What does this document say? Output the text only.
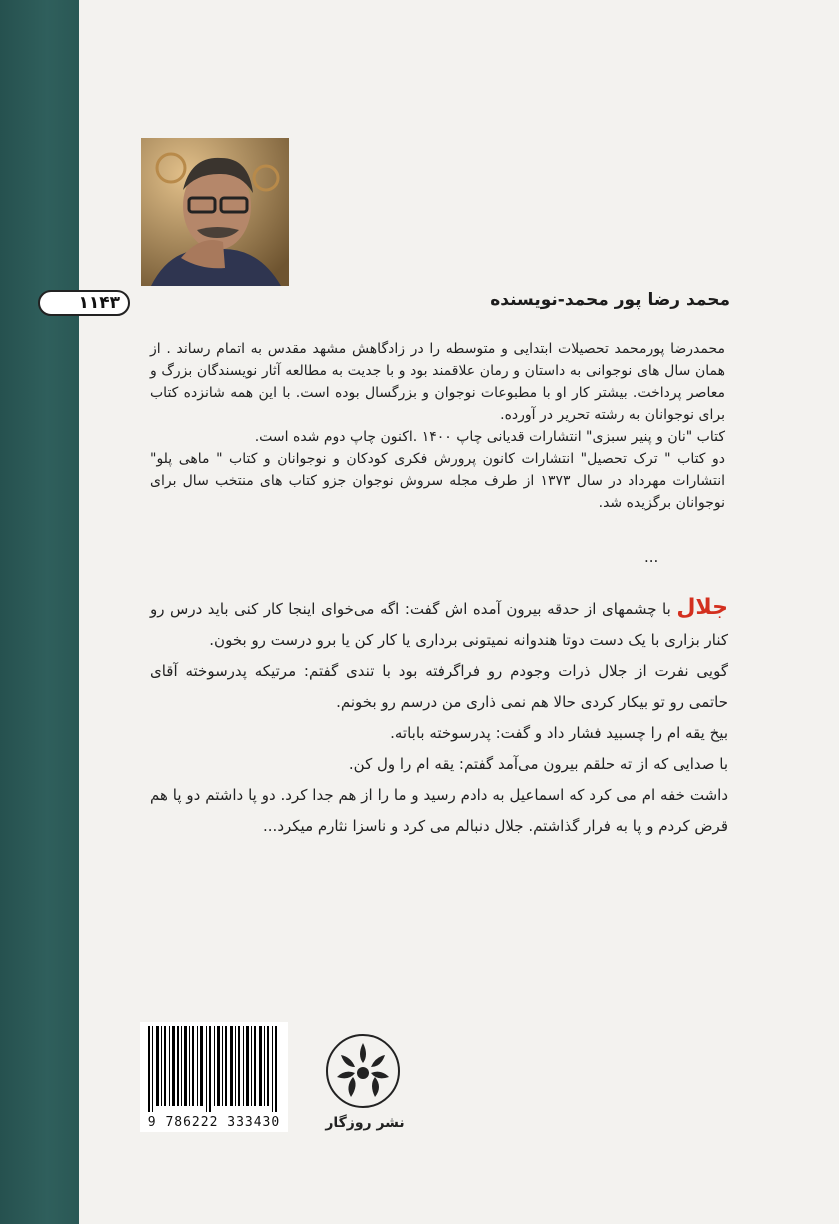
۱۱۴۳	محمد رضا پور محمد-نویسنده

محمدرضا پورمحمد تحصیلات ابتدایی و متوسطه را در زادگاهش مشهد مقدس به اتمام رساند . از همان سال های نوجوانی به داستان و رمان علاقمند بود و با جدیت به مطالعه آثار نویسندگان بزرگ و معاصر پرداخت. بیشتر کار او با مطبوعات نوجوان و بزرگسال بوده است. با این همه شانزده کتاب برای نوجوانان به رشته تحریر در آورده.

کتاب "نان و پنیر سبزی" انتشارات قدیانی چاپ ۱۴۰۰ .اکنون چاپ دوم شده است.

دو کتاب " ترک تحصیل" انتشارات کانون پرورش فکری کودکان و نوجوانان و کتاب " ماهی پلو" انتشارات مهرداد در سال ۱۳۷۳ از طرف مجله سروش نوجوان جزو کتاب های منتخب سال برای نوجوانان برگزیده شد.

...

جلال با چشمهای از حدقه بیرون آمده اش گفت: اگه می‌خوای اینجا کار کنی باید درس رو کنار بزاری با یک دست دوتا هندوانه نمیتونی برداری یا کار کن یا برو درست رو بخون.

گویی نفرت از جلال ذرات وجودم رو فراگرفته بود با تندی گفتم: مرتیکه پدرسوخته آقای حاتمی رو تو بیکار کردی حالا هم نمی ذاری من درسم رو بخونم.

بیخ یقه ام را چسبید فشار داد و گفت: پدرسوخته باباته.

با صدایی که از ته حلقم بیرون می‌آمد گفتم: یقه ام را ول کن.

داشت خفه ام می کرد که اسماعیل به دادم رسید و ما را از هم جدا کرد. دو پا داشتم دو پا هم قرض کردم و پا به فرار گذاشتم. جلال دنبالم می کرد و ناسزا نثارم میکرد...

9 786222 333430	نشر روزگار
